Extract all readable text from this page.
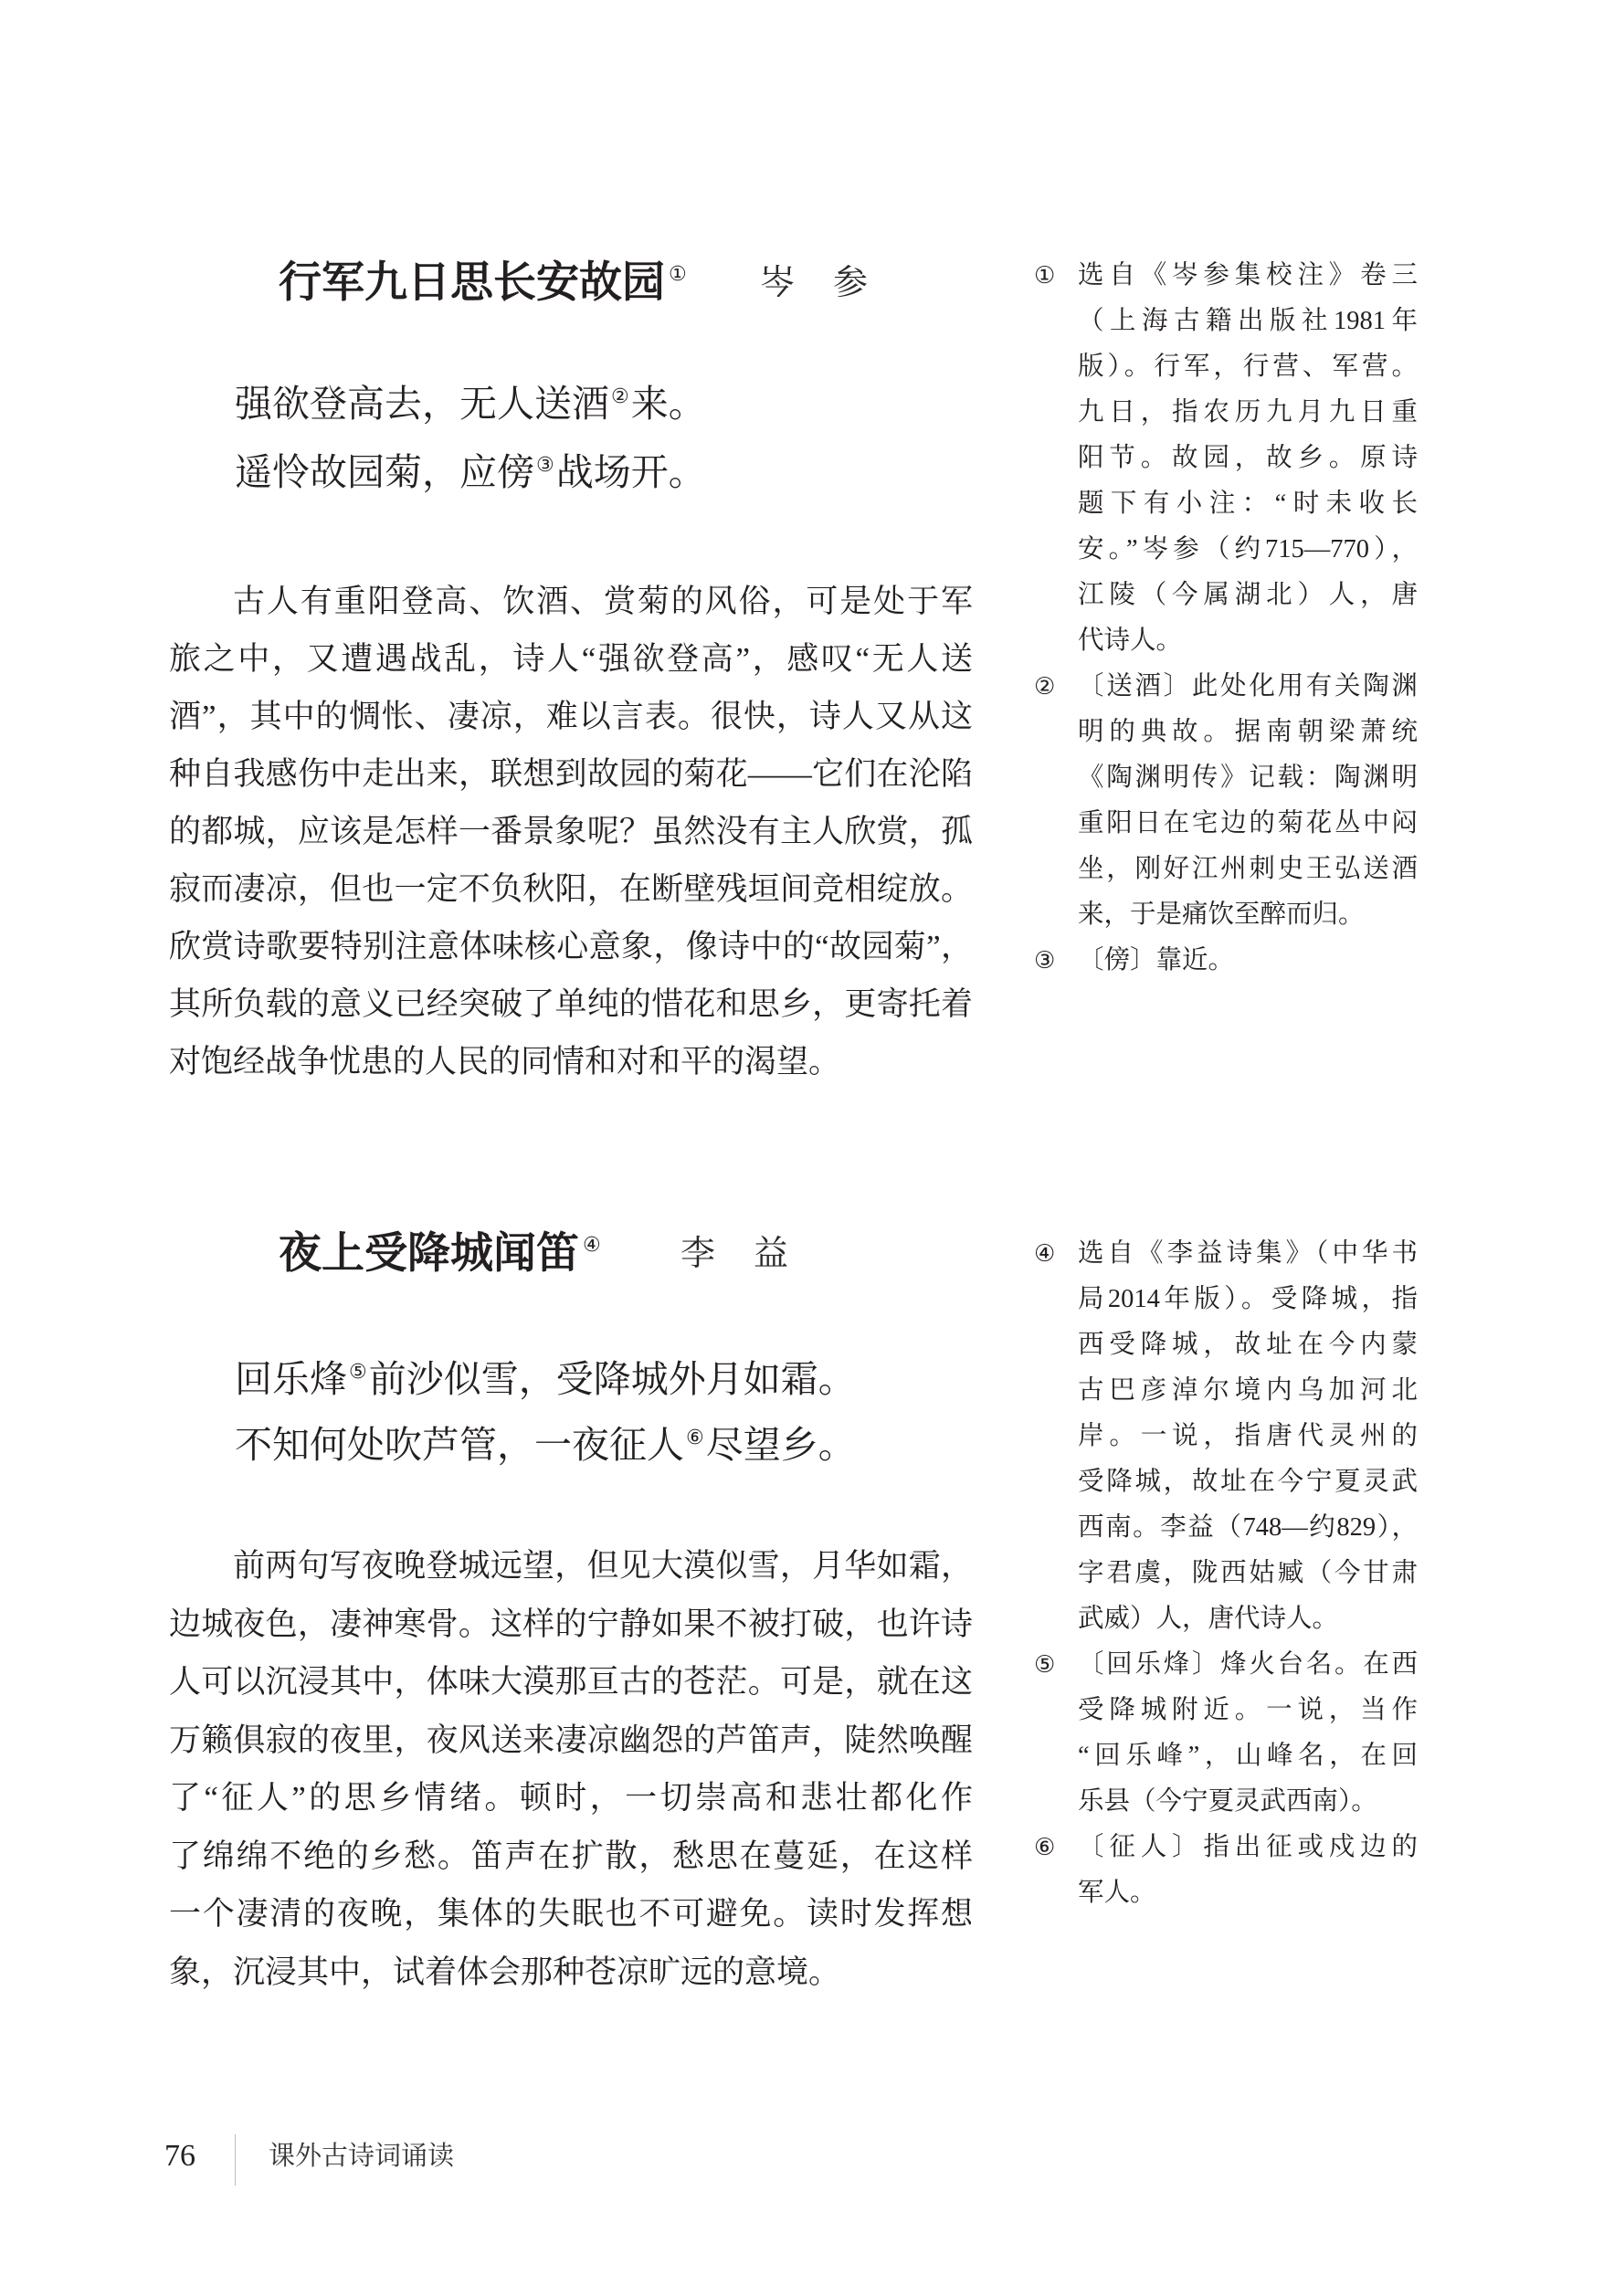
行军九日思长安故园 ① 岑　参
强欲登高去，无人送酒②来。
遥怜故园菊，应傍③战场开。
古人有重阳登高、饮酒、赏菊的风俗，可是处于军
旅之中，又遭遇战乱，诗人“强欲登高”，感叹“无人送
酒”，其中的惆怅、凄凉，难以言表。很快，诗人又从这
种自我感伤中走出来，联想到故园的菊花——它们在沦陷
的都城，应该是怎样一番景象呢？虽然没有主人欣赏，孤
寂而凄凉，但也一定不负秋阳，在断壁残垣间竞相绽放。
欣赏诗歌要特别注意体味核心意象，像诗中的“故园菊”，
其所负载的意义已经突破了单纯的惜花和思乡，更寄托着
对饱经战争忧患的人民的同情和对和平的渴望。
① 选自《岑参集校注》卷三
（上海古籍出版社1981年
版）。行军，行营、军营。
九日，指农历九月九日重
阳节。故园，故乡。原诗
题下有小注：“时未收长
安。”岑参（约715—770），
江陵（今属湖北）人，唐
代诗人。
② 〔送酒〕此处化用有关陶渊
明的典故。据南朝梁萧统
《陶渊明传》记载：陶渊明
重阳日在宅边的菊花丛中闷
坐，刚好江州刺史王弘送酒
来，于是痛饮至醉而归。
③ 〔傍〕靠近。
夜上受降城闻笛 ④ 李　益
回乐烽⑤前沙似雪，受降城外月如霜。
不知何处吹芦管，一夜征人⑥尽望乡。
前两句写夜晚登城远望，但见大漠似雪，月华如霜，
边城夜色，凄神寒骨。这样的宁静如果不被打破，也许诗
人可以沉浸其中，体味大漠那亘古的苍茫。可是，就在这
万籁俱寂的夜里，夜风送来凄凉幽怨的芦笛声，陡然唤醒
了“征人”的思乡情绪。顿时，一切崇高和悲壮都化作
了绵绵不绝的乡愁。笛声在扩散，愁思在蔓延，在这样
一个凄清的夜晚，集体的失眠也不可避免。读时发挥想
象，沉浸其中，试着体会那种苍凉旷远的意境。
④ 选自《李益诗集》（中华书
局2014年版）。受降城，指
西受降城，故址在今内蒙
古巴彦淖尔境内乌加河北
岸。一说，指唐代灵州的
受降城，故址在今宁夏灵武
西南。李益（748—约829），
字君虞，陇西姑臧（今甘肃
武威）人，唐代诗人。
⑤ 〔回乐烽〕烽火台名。在西
受降城附近。一说，当作
“回乐峰”，山峰名，在回
乐县（今宁夏灵武西南）。
⑥ 〔征人〕指出征或戍边的
军人。
76	课外古诗词诵读
